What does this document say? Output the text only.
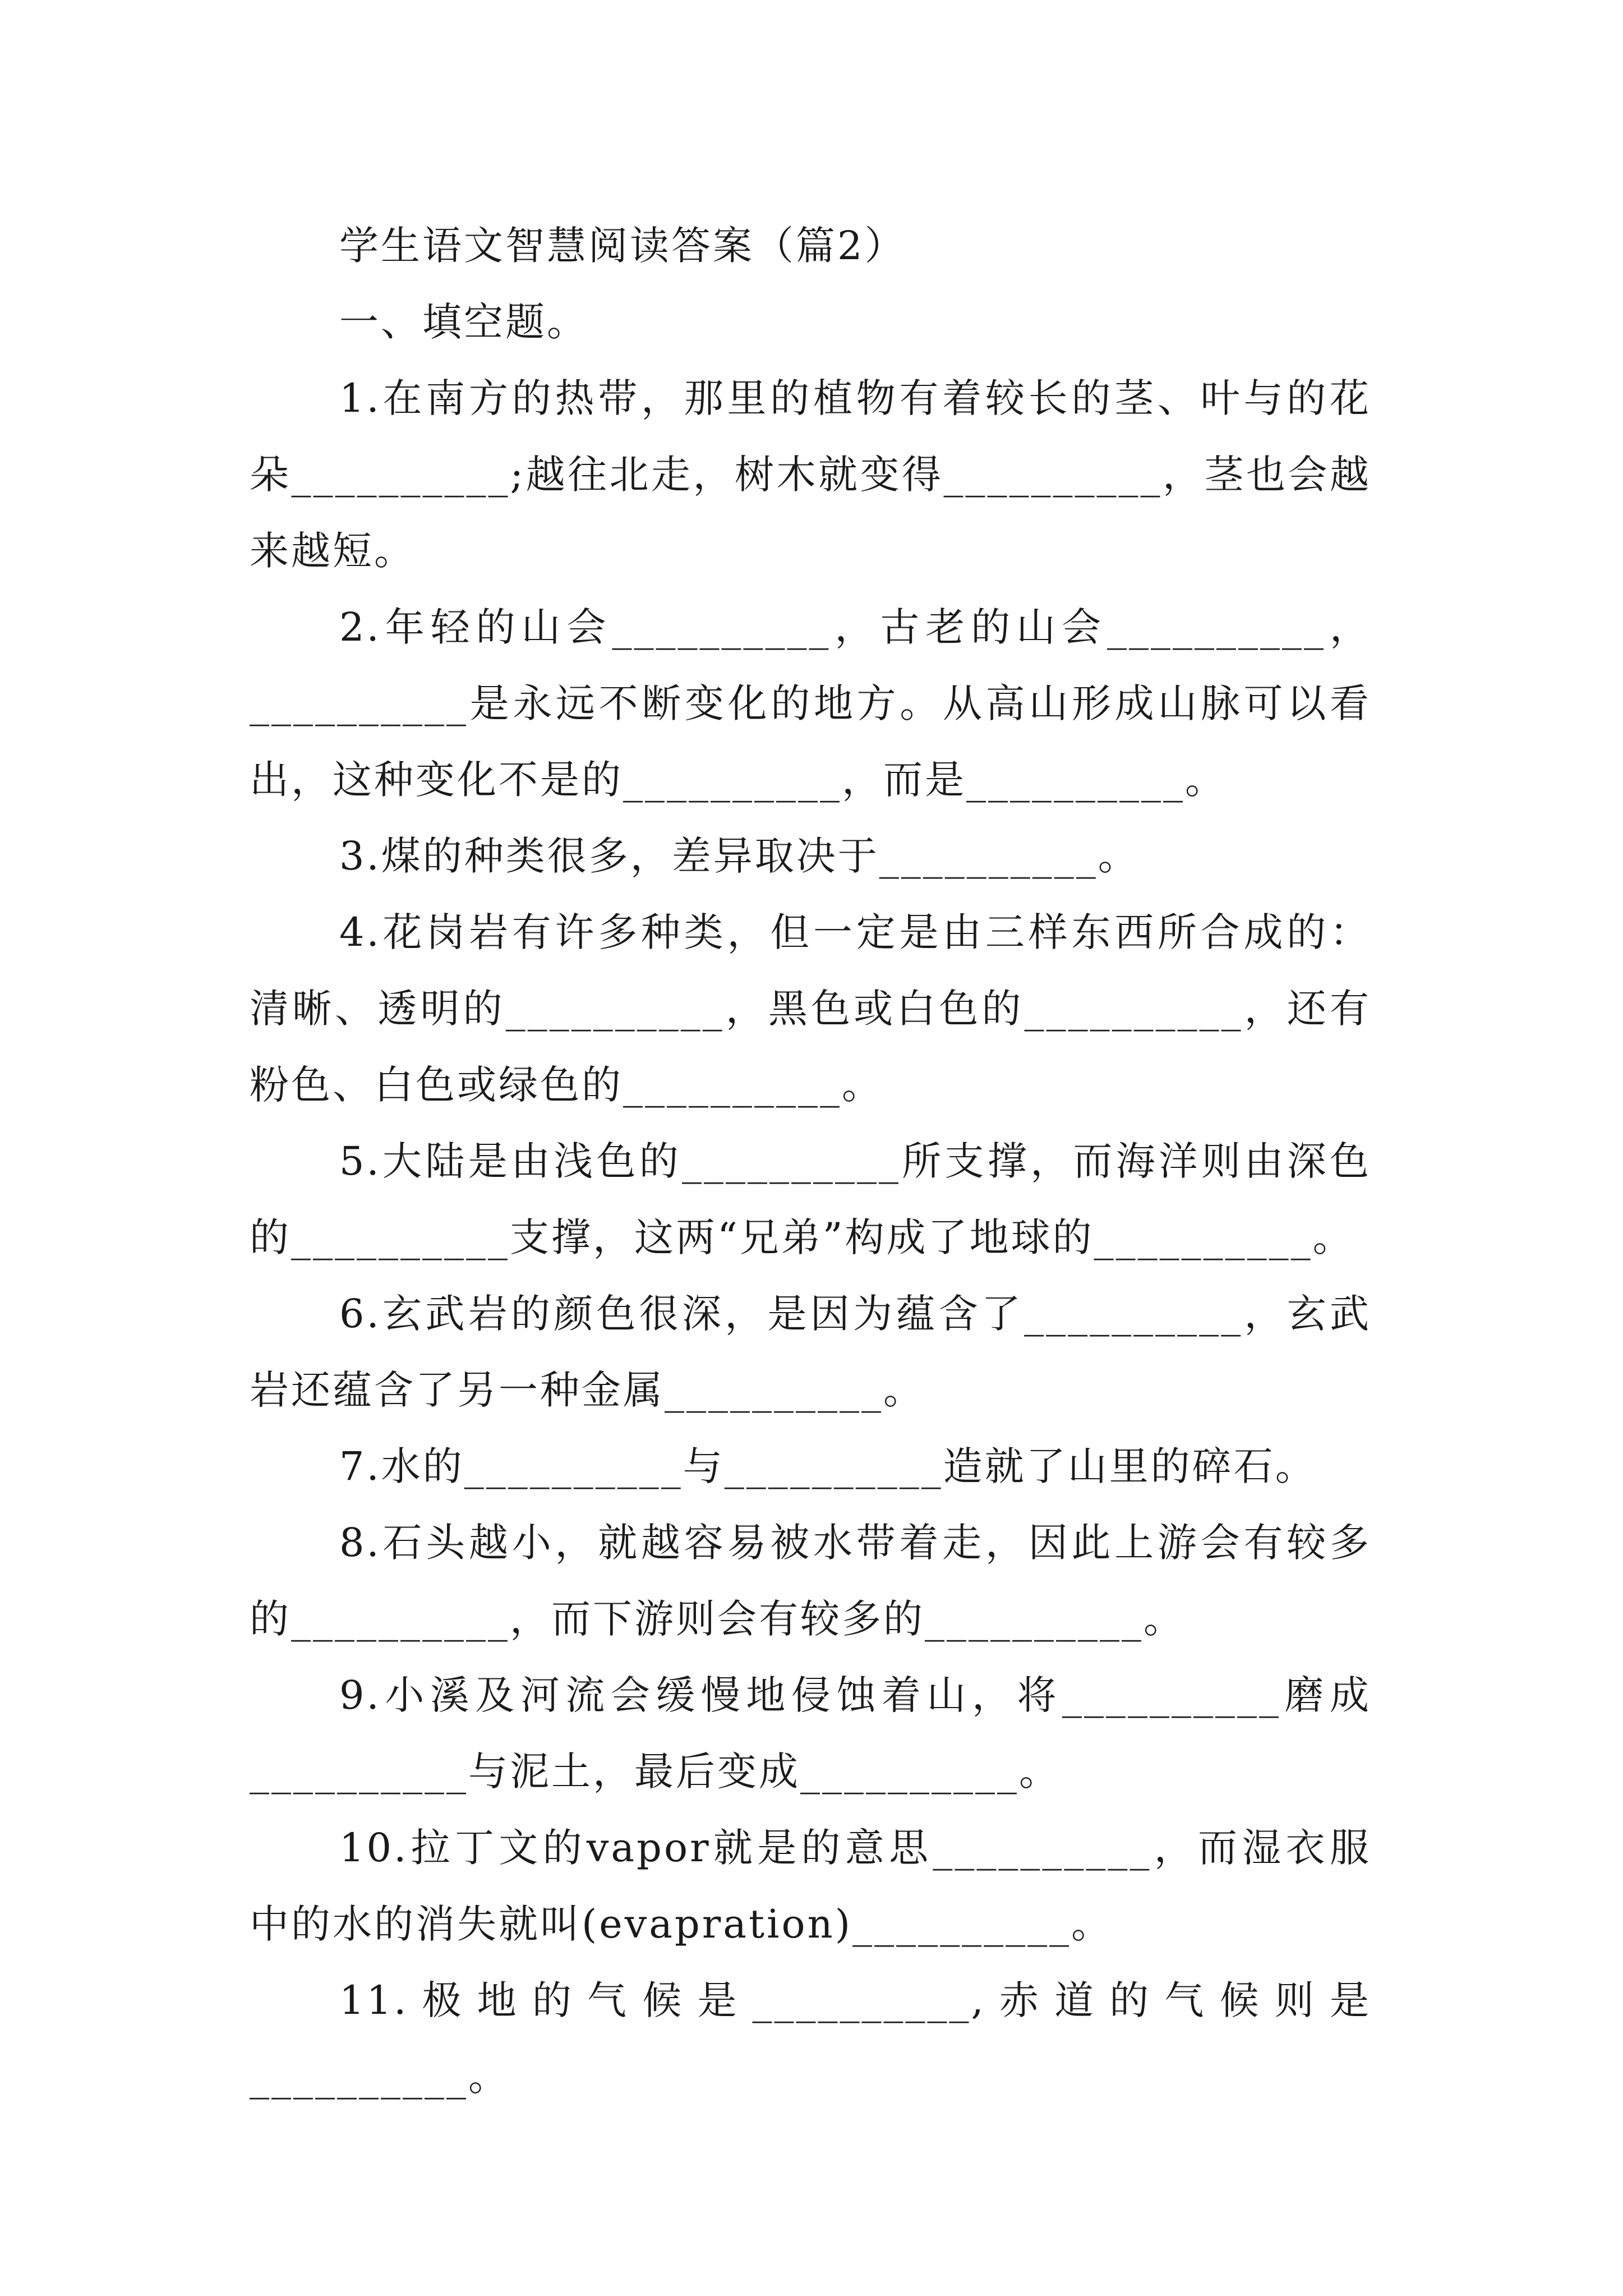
学生语文智慧阅读答案（篇2）

一、填空题。

1.在南方的热带，那里的植物有着较长的茎、叶与的花朵__________;越往北走，树木就变得__________，茎也会越来越短。

2.年轻的山会__________，古老的山会__________，__________是永远不断变化的地方。从高山形成山脉可以看出，这种变化不是的__________，而是__________。

3.煤的种类很多，差异取决于__________。

4.花岗岩有许多种类，但一定是由三样东西所合成的：清晰、透明的__________，黑色或白色的__________，还有粉色、白色或绿色的__________。

5.大陆是由浅色的__________所支撑，而海洋则由深色的__________支撑，这两“兄弟”构成了地球的__________。

6.玄武岩的颜色很深，是因为蕴含了__________，玄武岩还蕴含了另一种金属__________。

7.水的__________与__________造就了山里的碎石。

8.石头越小，就越容易被水带着走，因此上游会有较多的__________，而下游则会有较多的__________。

9.小溪及河流会缓慢地侵蚀着山，将__________磨成__________与泥土，最后变成__________。

10.拉丁文的vapor就是的意思__________，而湿衣服中的水的消失就叫(evapration)__________。

11.极地的气候是__________,赤道的气候则是__________。
